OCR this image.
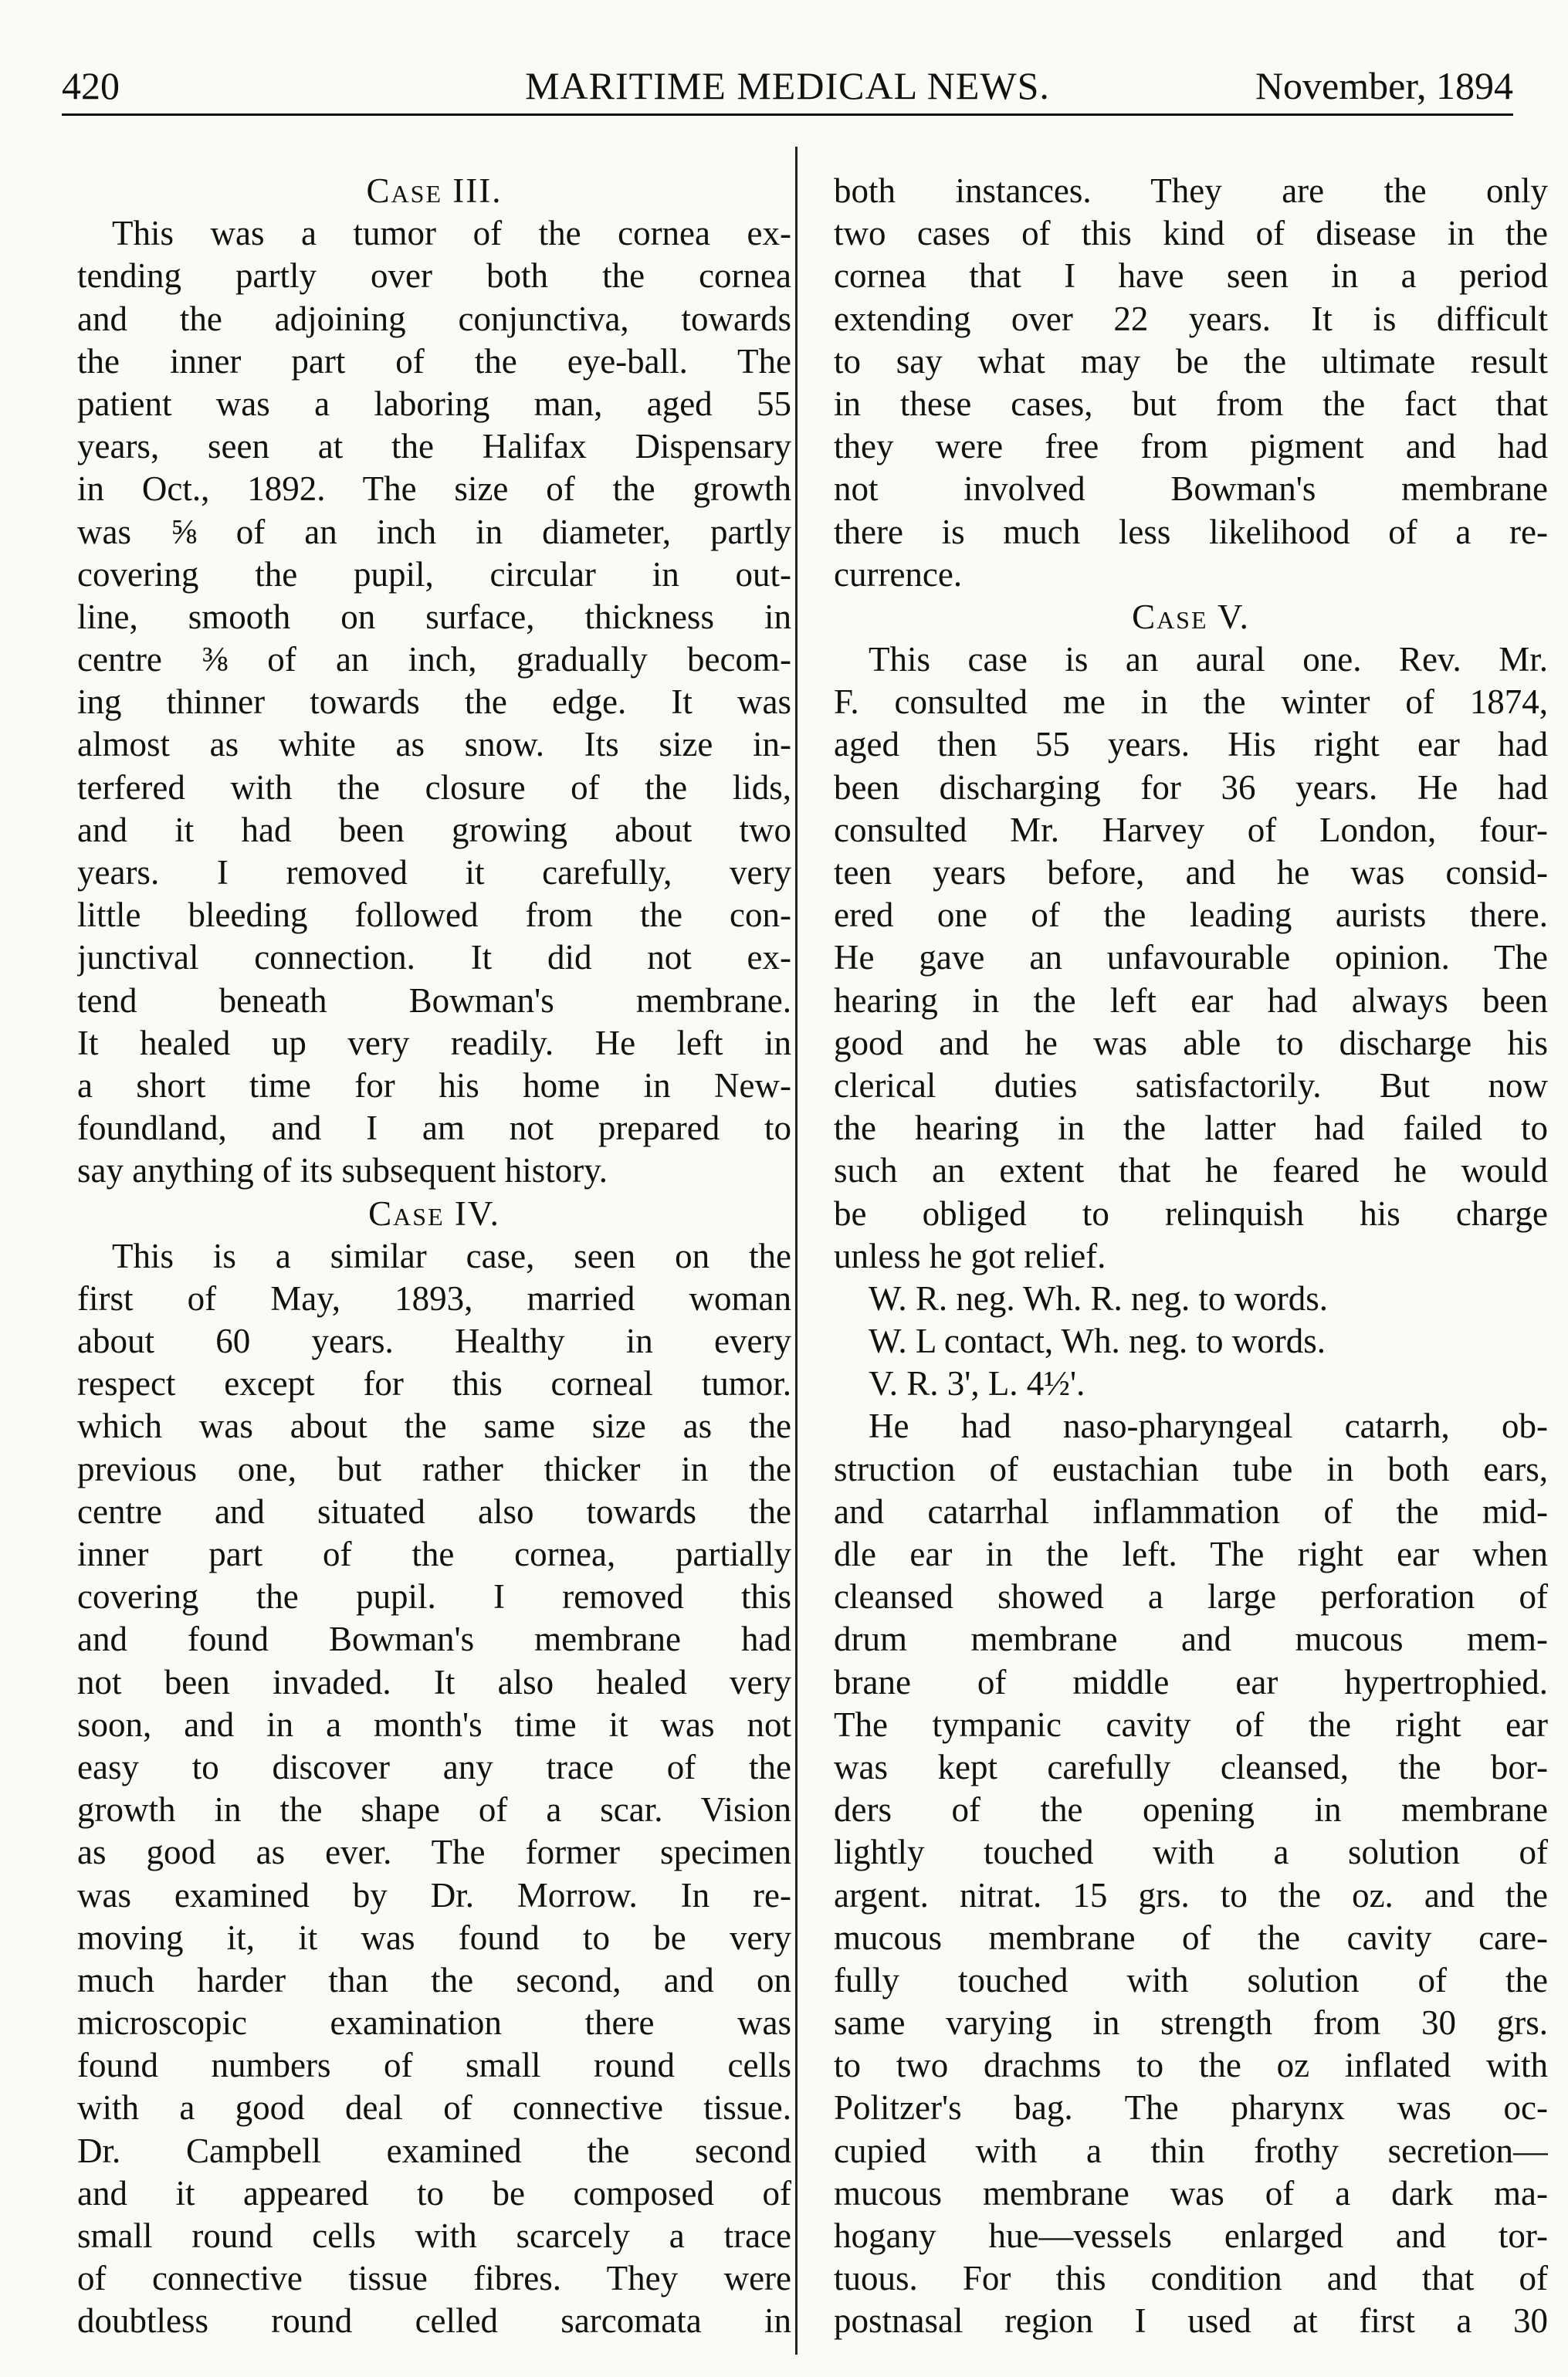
420	MARITIME MEDICAL NEWS.	November, 1894
Case III.
This was a tumor of the cornea ex-
tending partly over both the cornea
and the adjoining conjunctiva, towards
the inner part of the eye-ball. The
patient was a laboring man, aged 55
years, seen at the Halifax Dispensary
in Oct., 1892. The size of the growth
was ⅝ of an inch in diameter, partly
covering the pupil, circular in out-
line, smooth on surface, thickness in
centre ⅜ of an inch, gradually becom-
ing thinner towards the edge. It was
almost as white as snow. Its size in-
terfered with the closure of the lids,
and it had been growing about two
years. I removed it carefully, very
little bleeding followed from the con-
junctival connection. It did not ex-
tend beneath Bowman's membrane.
It healed up very readily. He left in
a short time for his home in New-
foundland, and I am not prepared to
say anything of its subsequent history.
Case IV.
This is a similar case, seen on the
first of May, 1893, married woman
about 60 years. Healthy in every
respect except for this corneal tumor.
which was about the same size as the
previous one, but rather thicker in the
centre and situated also towards the
inner part of the cornea, partially
covering the pupil. I removed this
and found Bowman's membrane had
not been invaded. It also healed very
soon, and in a month's time it was not
easy to discover any trace of the
growth in the shape of a scar. Vision
as good as ever. The former specimen
was examined by Dr. Morrow. In re-
moving it, it was found to be very
much harder than the second, and on
microscopic examination there was
found numbers of small round cells
with a good deal of connective tissue.
Dr. Campbell examined the second
and it appeared to be composed of
small round cells with scarcely a trace
of connective tissue fibres. They were
doubtless round celled sarcomata in
both instances. They are the only
two cases of this kind of disease in the
cornea that I have seen in a period
extending over 22 years. It is difficult
to say what may be the ultimate result
in these cases, but from the fact that
they were free from pigment and had
not involved Bowman's membrane
there is much less likelihood of a re-
currence.
Case V.
This case is an aural one. Rev. Mr.
F. consulted me in the winter of 1874,
aged then 55 years. His right ear had
been discharging for 36 years. He had
consulted Mr. Harvey of London, four-
teen years before, and he was consid-
ered one of the leading aurists there.
He gave an unfavourable opinion. The
hearing in the left ear had always been
good and he was able to discharge his
clerical duties satisfactorily. But now
the hearing in the latter had failed to
such an extent that he feared he would
be obliged to relinquish his charge
unless he got relief.
W. R. neg. Wh. R. neg. to words.
W. L contact, Wh. neg. to words.
V. R. 3', L. 4½'.
He had naso-pharyngeal catarrh, ob-
struction of eustachian tube in both ears,
and catarrhal inflammation of the mid-
dle ear in the left. The right ear when
cleansed showed a large perforation of
drum membrane and mucous mem-
brane of middle ear hypertrophied.
The tympanic cavity of the right ear
was kept carefully cleansed, the bor-
ders of the opening in membrane
lightly touched with a solution of
argent. nitrat. 15 grs. to the oz. and the
mucous membrane of the cavity care-
fully touched with solution of the
same varying in strength from 30 grs.
to two drachms to the oz inflated with
Politzer's bag. The pharynx was oc-
cupied with a thin frothy secretion—
mucous membrane was of a dark ma-
hogany hue—vessels enlarged and tor-
tuous. For this condition and that of
postnasal region I used at first a 30
